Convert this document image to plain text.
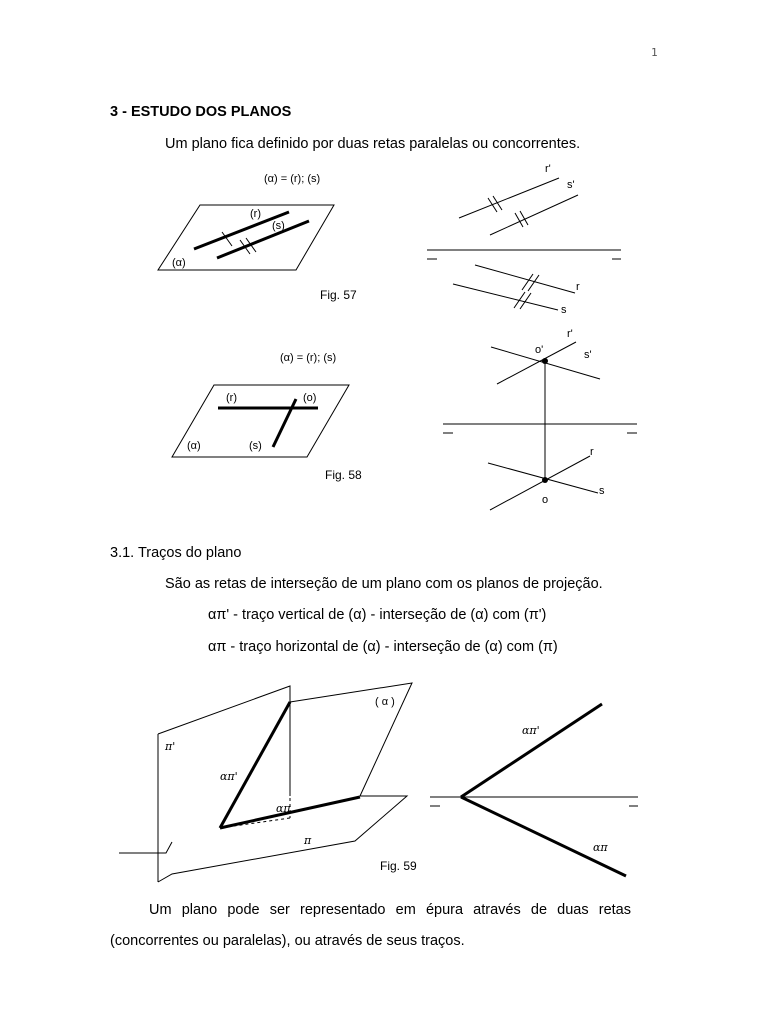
1
3 - ESTUDO DOS PLANOS
Um plano fica definido por duas retas paralelas ou concorrentes.
(α) = (r); (s)
(r)
(s)
(α)
Fig. 57
r'
s'
r
s
(α) = (r); (s)
(r)	(o)
(α)	(s)
Fig. 58
o'
r'
s'
r
s
o
3.1. Traços do plano
São as retas de interseção de um plano com os planos de projeção.
απ' - traço vertical de (α) - interseção de (α) com (π')
απ - traço horizontal de (α) - interseção de (α) com (π)
( α )
π'
απ'
απ
π
Fig. 59
απ'
απ
Um plano pode ser representado em épura através de duas retas
(concorrentes ou paralelas), ou através de seus traços.
